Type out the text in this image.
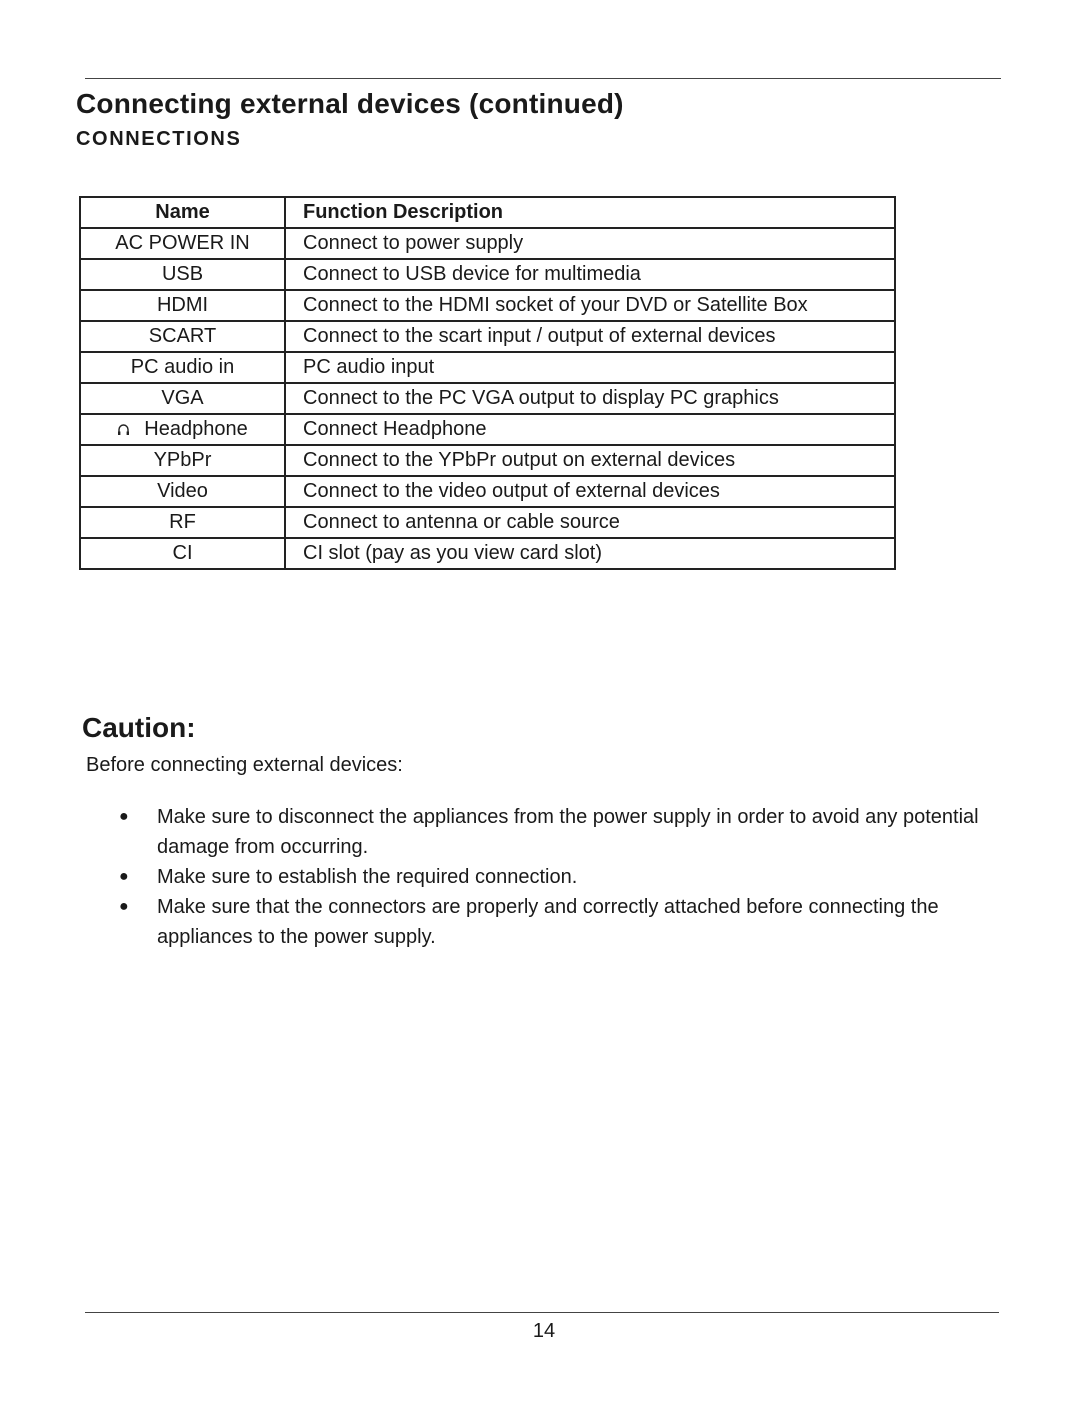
Connecting external devices (continued)
CONNECTIONS
Name	Function Description
AC POWER IN	Connect to power supply
USB	Connect to USB device for multimedia
HDMI	Connect to the HDMI socket of your DVD or Satellite Box
SCART	Connect to the scart input / output of external devices
PC audio in	PC audio input
VGA	Connect to the PC VGA output to display PC graphics
Headphone	Connect Headphone
YPbPr	Connect to the YPbPr output on external devices
Video	Connect to the video output of external devices
RF	Connect to antenna or cable source
CI	CI slot (pay as you view card slot)
Caution:

Before connecting external devices:

● Make sure to disconnect the appliances from the power supply in order to avoid any potential damage from occurring.
● Make sure to establish the required connection.
● Make sure that the connectors are properly and correctly attached before connecting the appliances to the power supply.

14
